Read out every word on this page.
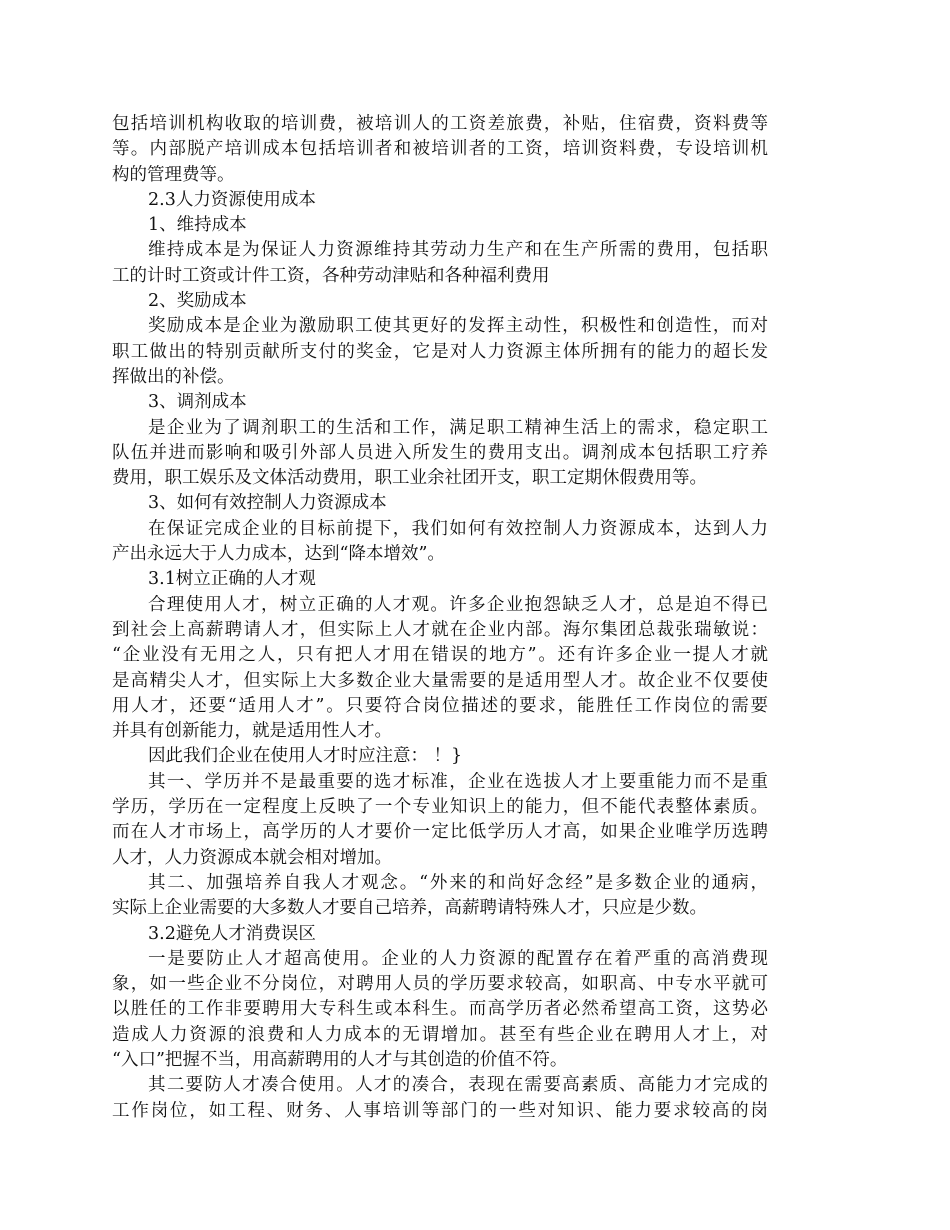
包括培训机构收取的培训费，被培训人的工资差旅费，补贴，住宿费，资料费等
等。内部脱产培训成本包括培训者和被培训者的工资，培训资料费，专设培训机
构的管理费等。
2.3人力资源使用成本
1、维持成本
维持成本是为保证人力资源维持其劳动力生产和在生产所需的费用，包括职
工的计时工资或计件工资，各种劳动津贴和各种福利费用
2、奖励成本
奖励成本是企业为激励职工使其更好的发挥主动性，积极性和创造性，而对
职工做出的特别贡献所支付的奖金，它是对人力资源主体所拥有的能力的超长发
挥做出的补偿。
3、调剂成本
是企业为了调剂职工的生活和工作，满足职工精神生活上的需求，稳定职工
队伍并进而影响和吸引外部人员进入所发生的费用支出。调剂成本包括职工疗养
费用，职工娱乐及文体活动费用，职工业余社团开支，职工定期休假费用等。
3、如何有效控制人力资源成本
在保证完成企业的目标前提下，我们如何有效控制人力资源成本，达到人力
产出永远大于人力成本，达到“降本增效”。
3.1树立正确的人才观
合理使用人才，树立正确的人才观。许多企业抱怨缺乏人才，总是迫不得已
到社会上高薪聘请人才，但实际上人才就在企业内部。海尔集团总裁张瑞敏说：
“企业没有无用之人，只有把人才用在错误的地方”。还有许多企业一提人才就
是高精尖人才，但实际上大多数企业大量需要的是适用型人才。故企业不仅要使
用人才，还要“适用人才”。只要符合岗位描述的要求，能胜任工作岗位的需要
并具有创新能力，就是适用性人才。
因此我们企业在使用人才时应注意： ！}
其一、学历并不是最重要的选才标准，企业在选拔人才上要重能力而不是重
学历，学历在一定程度上反映了一个专业知识上的能力，但不能代表整体素质。
而在人才市场上，高学历的人才要价一定比低学历人才高，如果企业唯学历选聘
人才，人力资源成本就会相对增加。
其二、加强培养自我人才观念。“外来的和尚好念经”是多数企业的通病，
实际上企业需要的大多数人才要自己培养，高薪聘请特殊人才，只应是少数。
3.2避免人才消费误区
一是要防止人才超高使用。企业的人力资源的配置存在着严重的高消费现
象，如一些企业不分岗位，对聘用人员的学历要求较高，如职高、中专水平就可
以胜任的工作非要聘用大专科生或本科生。而高学历者必然希望高工资，这势必
造成人力资源的浪费和人力成本的无谓增加。甚至有些企业在聘用人才上，对
“入口”把握不当，用高薪聘用的人才与其创造的价值不符。
其二要防人才凑合使用。人才的凑合，表现在需要高素质、高能力才完成的
工作岗位，如工程、财务、人事培训等部门的一些对知识、能力要求较高的岗
